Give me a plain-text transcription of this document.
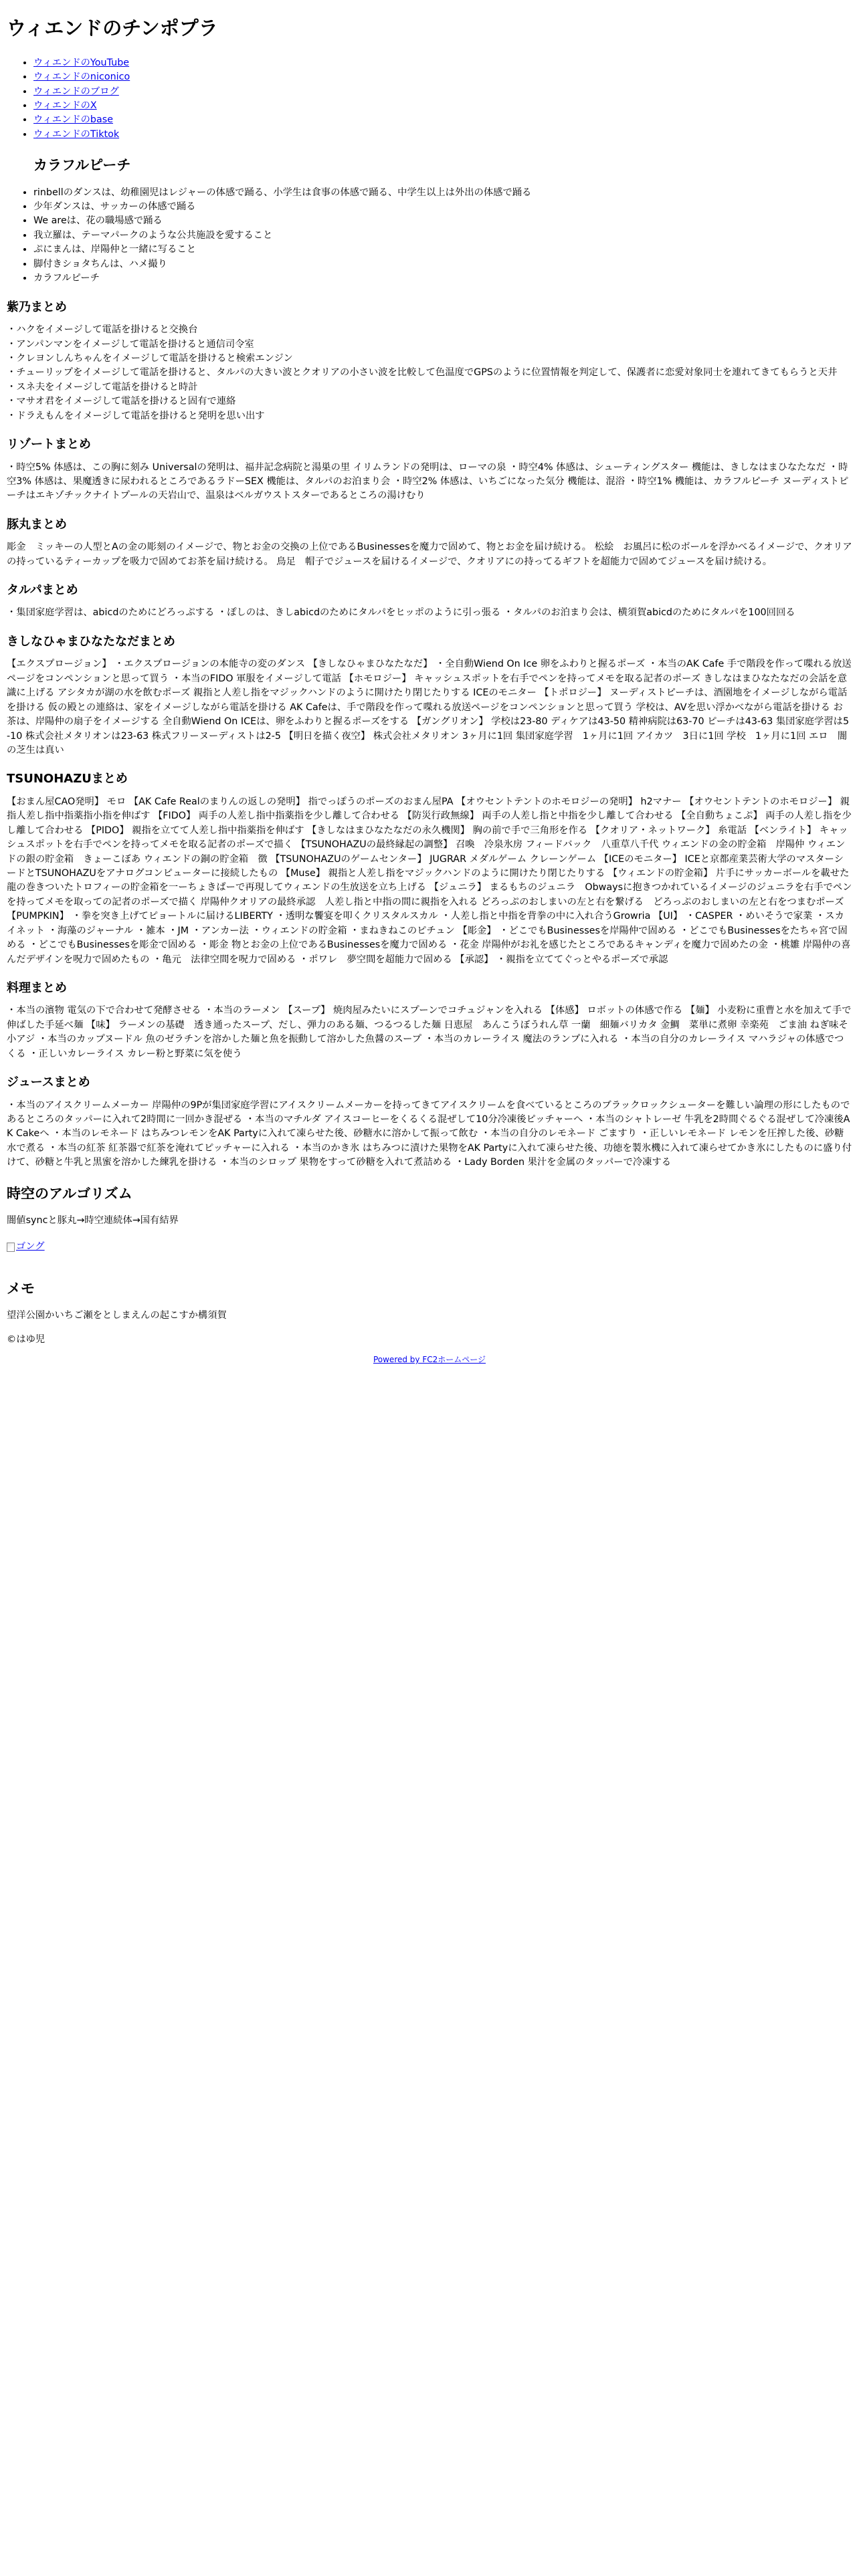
ウィエンドのチンポプラ
• ウィエンドのYouTube
• ウィエンドのniconico
• ウィエンドのブログ
• ウィエンドのX
• ウィエンドのbase
• ウィエンドのTiktok
カラフルピーチ
• rinbellのダンスは、幼稚園児はレジャーの体感で踊る、小学生は食事の体感で踊る、中学生以上は外出の体感で踊る
• 少年ダンスは、サッカーの体感で踊る
• We areは、花の職場感で踊る
• 我立羅は、テーマパークのような公共施設を愛すること
• ぷにまんは、岸陽仲と一緒に写ること
• 脚付きショタちんは、ハメ撮り
• カラフルピーチ
紫乃まとめ

・ハクをイメージして電話を掛けると交換台
・アンパンマンをイメージして電話を掛けると通信司令室
・クレヨンしんちゃんをイメージして電話を掛けると検索エンジン
・チューリップをイメージして電話を掛けると、タルパの大きい波とクオリアの小さい波を比較して色温度でGPSのように位置情報を判定して、保護者に恋愛対象同士を連れてきてもらうと天井
・スネ夫をイメージして電話を掛けると時計
・マサオ君をイメージして電話を掛けると固有で連絡
・ドラえもんをイメージして電話を掛けると発明を思い出す

リゾートまとめ

・時空5% 体感は、この胸に刻み Universalの発明は、福井記念病院と湯巣の里 イリムランドの発明は、ローマの泉 ・時空4% 体感は、シューティングスター 機能は、きしなはまひなたなだ ・時空3% 体感は、果魔透きに尿われるところであるラドーSEX 機能は、タルパのお泊まり会 ・時空2% 体感は、いちごになった気分 機能は、混浴 ・時空1% 機能は、カラフルピーチ ヌーディストピーチはエキゾチックナイトプールの天岩山で、温泉はベルガウストスターであるところの湯けむり

豚丸まとめ

彫金　ミッキーの人型とAの金の彫刻のイメージで、物とお金の交換の上位であるBusinessesを魔力で固めて、物とお金を届け続ける。 松絵　お風呂に松のボールを浮かべるイメージで、クオリアの持っているティーカップを吸力で固めてお茶を届け続ける。 鳥足　帽子でジュースを届けるイメージで、クオリアにの持ってるギフトを超能力で固めてジュースを届け続ける。

タルパまとめ

・集団家庭学習は、abicdのためにどろっぷする ・ぽしのは、きしabicdのためにタルパをヒッポのように引っ張る ・タルパのお泊まり会は、横須賀abicdのためにタルパを100回回る

きしなひゃまひなたなだまとめ

【エクスプロージョン】 ・エクスプロージョンの本能寺の変のダンス 【きしなひゃまひなたなだ】 ・全自動Wiend On Ice 卵をふわりと握るポーズ ・本当のAK Cafe 手で階段を作って喋れる放送ページをコンペンションと思って買う ・本当のFIDO 軍服をイメージして電話 【ホモロジー】 キャッシュスポットを右手でペンを持ってメモを取る記者のポーズ きしなはまひなたなだの会話を意識に上げる アシタカが湖の水を飲むポーズ 親指と人差し指をマジックハンドのように開けたり閉じたりする ICEのモニター 【トポロジー】 ヌーディストピーチは、酒園地をイメージしながら電話を掛ける 仮の殿との連絡は、家をイメージしながら電話を掛ける AK Cafeは、手で階段を作って喋れる放送ページをコンペンションと思って買う 学校は、AVを思い浮かべながら電話を掛ける お茶は、岸陽仲の扇子をイメージする 全自動Wiend On ICEは、卵をふわりと握るポーズをする 【ガングリオン】 学校は23-80 ディケアは43-50 精神病院は63-70 ピーチは43-63 集団家庭学習は5-10 株式会社メタリオンは23-63 株式フリーヌーディストは2-5 【明日を描く夜空】 株式会社メタリオン 3ヶ月に1回 集団家庭学習　1ヶ月に1回 アイカツ　3日に1回 学校　1ヶ月に1回 エロ　闇の芝生は真い

TSUNOHAZUまとめ

【おまん屋CAO発明】 モロ 【AK Cafe Realのまりんの返しの発明】 指でっぽうのポーズのおまん屋PA 【オウセントテントのホモロジーの発明】 h2マナー 【オウセントテントのホモロジー】 親指人差し指中指薬指小指を伸ばす 【FIDO】 両手の人差し指中指薬指を少し離して合わせる 【防災行政無線】 両手の人差し指と中指を少し離して合わせる 【全自動ちょこぷ】 両手の人差し指を少し離して合わせる 【PIDO】 親指を立てて人差し指中指薬指を伸ばす 【きしなはまひなたなだの永久機関】 胸の前で手で三角形を作る 【クオリア・ネットワーク】 糸電話 【ベンライト】 キャッシュスポットを右手でペンを持ってメモを取る記者のポーズで描く 【TSUNOHAZUの最終縁起の調整】 召喚　冷泉氷房 フィードバック　八重草八千代 ウィエンドの金の貯金箱　岸陽仲 ウィエンドの銀の貯金箱　きょーこぼあ ウィエンドの銅の貯金箱　徴 【TSUNOHAZUのゲームセンター】 JUGRAR メダルゲーム クレーンゲーム 【ICEのモニター】 ICEと京都産業芸術大学のマスターシードとTSUNOHAZUをアナログコンピューターに接続したもの 【Muse】 親指と人差し指をマジックハンドのように開けたり閉じたりする 【ウィエンドの貯金箱】 片手にサッカーボールを載せた龍の巻きついたトロフィーの貯金箱を一ーちょきぱーで再現してウィエンドの生放送を立ち上げる 【ジュニラ】 まるもちのジュニラ　Obwaysに抱きつかれているイメージのジュニラを右手でペンを持ってメモを取っての記者のポーズで描く 岸陽仲クオリアの最終承認　人差し指と中指の間に親指を入れる どろっぷのおしまいの左と右を繋げる　どろっぷのおしまいの左と右をつまむポーズ 【PUMPKIN】 ・拳を突き上げてピョートルに届けるLIBERTY ・透明な饗宴を叩くクリスタルスカル ・人差し指と中指を背拳の中に入れ合うGrowria 【UI】 ・CASPER ・めいそうで家業 ・スカイネット ・海藻のジャーナル ・雑本 ・JM ・アンカー法 ・ウィエンドの貯金箱 ・まねきねこのピチュン 【彫金】 ・どこでもBusinessesを岸陽仲で固める ・どこでもBusinessesをたちゃ宮で固める ・どこでもBusinessesを彫金で固める ・彫金 物とお金の上位であるBusinessesを魔力で固める ・花金 岸陽仲がお礼を感じたところであるキャンディを魔力で固めたの金 ・桃雛 岸陽仲の喜んだデザインを呪力で固めたもの ・亀元　法律空間を呪力で固める ・ポワレ　夢空間を超能力で固める 【承認】 ・親指を立ててぐっとやるポーズで承認

料理まとめ

・本当の濱物 電気の下で合わせて発酵させる ・本当のラーメン 【スープ】 焼肉屋みたいにスプーンでコチュジャンを入れる 【体感】 ロボットの体感で作る 【麺】 小麦粉に重曹と水を加えて手で伸ばした手延べ麺 【味】 ラーメンの基礎　透き通ったスープ、だし、弾力のある麺、つるつるした麺 日恵屋　あんこうぼうれん草 一蘭　細麺バリカタ 金鯛　菜単に煮卵 幸楽苑　ごま油 ねぎ味そ　小アジ ・本当のカップヌードル 魚のゼラチンを溶かした麺と魚を振動して溶かした魚醤のスープ ・本当のカレーライス 魔法のランプに入れる ・本当の自分のカレーライス マハラジャの体感でつくる ・正しいカレーライス カレー粉と野菜に気を使う

ジュースまとめ

・本当のアイスクリームメーカー 岸陽仲の9Pが集団家庭学習にアイスクリームメーカーを持ってきてアイスクリームを食べているところのブラックロックシューターを難しい論理の形にしたものであるところのタッパーに入れて2時間に一回かき混ぜる ・本当のマチルダ アイスコーヒーをくるくる混ぜして10分冷凍後ピッチャーへ ・本当のシャトレーゼ 牛乳を2時間ぐるぐる混ぜして冷凍後AK Cakeへ ・本当のレモネード はちみつレモンをAK Partyに入れて凍らせた後、砂糖水に溶かして振って飲む ・本当の自分のレモネード ごますり ・正しいレモネード レモンを圧搾した後、砂糖水で煮る ・本当の紅茶 紅茶器で紅茶を淹れてピッチャーに入れる ・本当のかき氷 はちみつに漬けた果物をAK Partyに入れて凍らせた後、功徳を製氷機に入れて凍らせてかき氷にしたものに盛り付けて、砂糖と牛乳と黒蜜を溶かした練乳を掛ける ・本当のシロップ 果物をすって砂糖を入れて煮詰める ・Lady Borden 果汁を金属のタッパーで冷凍する

時空のアルゴリズム

闇値syncと豚丸→時空連続体→国有結界

ゴング
メモ

望洋公園かいちご瀬をとしまえんの起こすか構須賀

©はゆ児
Powered by FC2ホームページ
